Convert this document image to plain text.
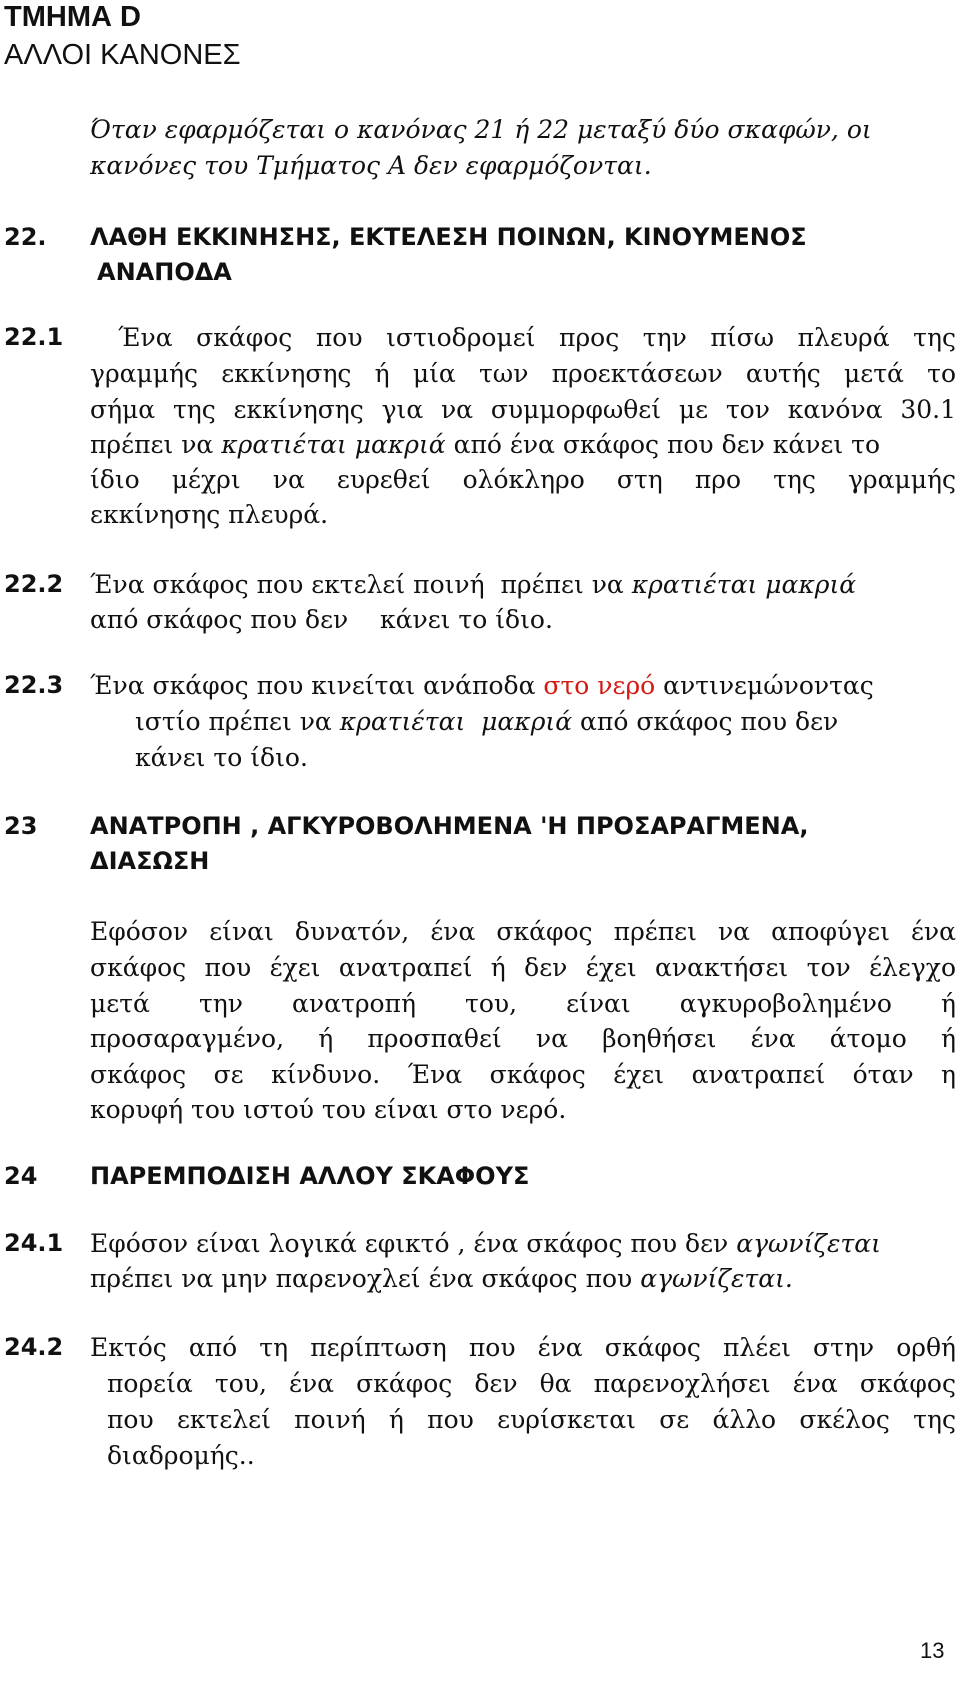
ΤΜΗΜΑ D
ΑΛΛΟΙ ΚΑΝΟΝΕΣ
Όταν εφαρμόζεται ο κανόνας 21 ή 22 μεταξύ δύο σκαφών, οι
κανόνες του Τμήματος Α δεν εφαρμόζονται.
22. ΛΑΘΗ ΕΚΚΙΝΗΣΗΣ, ΕΚΤΕΛΕΣΗ ΠΟΙΝΩΝ, ΚΙΝΟΥΜΕΝΟΣ
ΑΝΑΠΟΔΑ
22.1 Ένα σκάφος που ιστιοδρομεί προς την πίσω πλευρά της
γραμμής εκκίνησης ή μία των προεκτάσεων αυτής μετά το
σήμα της εκκίνησης για να συμμορφωθεί με τον κανόνα 30.1
πρέπει να κρατιέται μακριά από ένα σκάφος που δεν κάνει το
ίδιο μέχρι να ευρεθεί ολόκληρο στη προ της γραμμής
εκκίνησης πλευρά.
22.2 Ένα σκάφος που εκτελεί ποινή  πρέπει να κρατιέται μακριά
από σκάφος που δεν    κάνει το ίδιο.
22.3 Ένα σκάφος που κινείται ανάποδα στο νερό αντινεμώνοντας
ιστίο πρέπει να κρατιέται  μακριά από σκάφος που δεν
κάνει το ίδιο.
23 ΑΝΑΤΡΟΠΗ , ΑΓΚΥΡΟΒΟΛΗΜΕΝΑ 'Η ΠΡΟΣΑΡΑΓΜΕΝΑ,
ΔΙΑΣΩΣΗ
Εφόσον είναι δυνατόν, ένα σκάφος πρέπει να αποφύγει ένα
σκάφος που έχει ανατραπεί ή δεν έχει ανακτήσει τον έλεγχο
μετά την ανατροπή του, είναι αγκυροβολημένο ή
προσαραγμένο, ή προσπαθεί να βοηθήσει ένα άτομο ή
σκάφος σε κίνδυνο. Ένα σκάφος έχει ανατραπεί όταν η
κορυφή του ιστού του είναι στο νερό.
24 ΠΑΡΕΜΠΟΔΙΣΗ ΑΛΛΟΥ ΣΚΑΦΟΥΣ
24.1 Εφόσον είναι λογικά εφικτό , ένα σκάφος που δεν αγωνίζεται
πρέπει να μην παρενοχλεί ένα σκάφος που αγωνίζεται.
24.2 Εκτός από τη περίπτωση που ένα σκάφος πλέει στην ορθή
πορεία του, ένα σκάφος δεν θα παρενοχλήσει ένα σκάφος
που εκτελεί ποινή ή που ευρίσκεται σε άλλο σκέλος της
διαδρομής..
13
